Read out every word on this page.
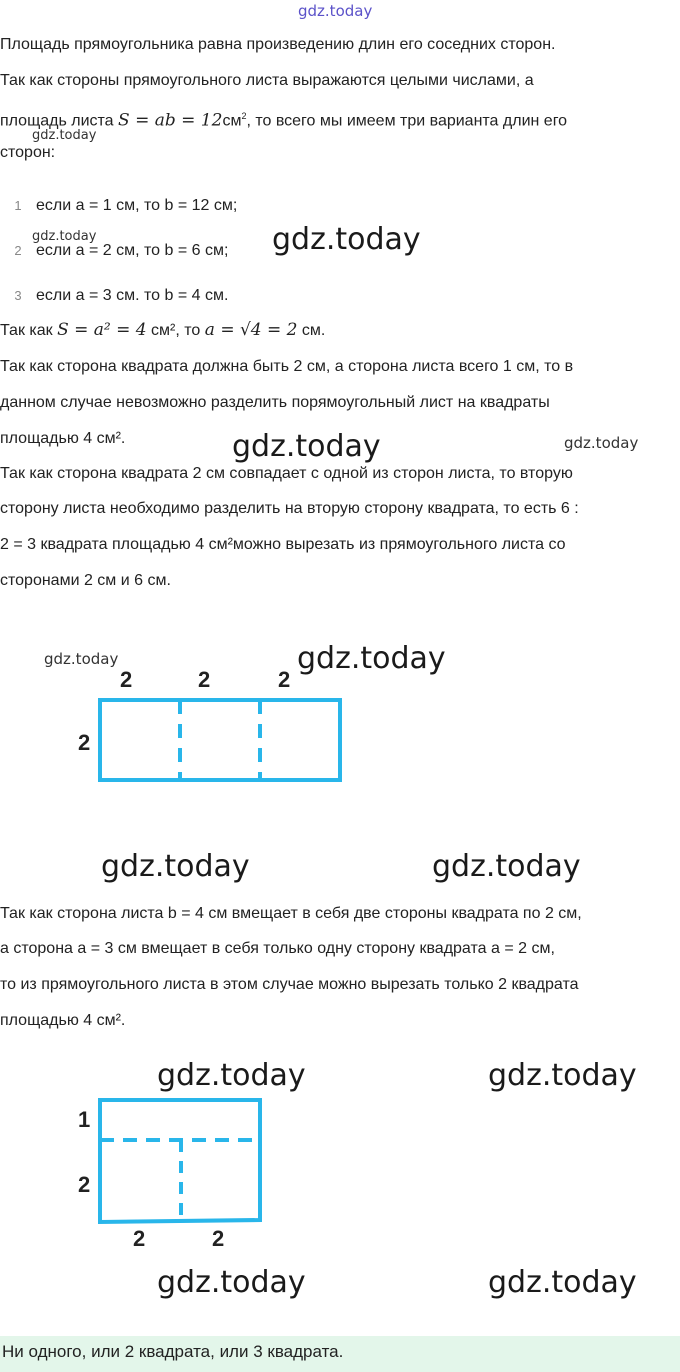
gdz.today
Площадь прямоугольника равна произведению длин его соседних сторон.
Так как стороны прямоугольного листа выражаются целыми числами, а
площадь листа S = ab = $12см^2$, то всего мы имеем три варианта длин его
сторон:
1 если a = 1 см, то b = 12 см;
2 если a = 2 см, то b = 6 см;
3 если a = 3 см. то b = 4 см.
Так как S = a² = 4 см², то a = √4 = 2 см.
Так как сторона квадрата должна быть 2 см, а сторона листа всего 1 см, то в
данном случае невозможно разделить порямоугольный лист на квадраты
площадью 4 см².
Так как сторона квадрата 2 см совпадает с одной из сторон листа, то вторую
сторону листа необходимо разделить на вторую сторону квадрата, то есть 6 :
2 = 3 квадрата площадью 4 см²можно вырезать из прямоугольного листа со
сторонами 2 см и 6 см.
2	2	2
2
Так как сторона листа b = 4 см вмещает в себя две стороны квадрата по 2 см,
а сторона a = 3 см вмещает в себя только одну сторону квадрата a = 2 см,
то из прямоугольного листа в этом случае можно вырезать только 2 квадрата
площадью 4 см².
1
2
2	2
Ни одного, или 2 квадрата, или 3 квадрата.
gdz.today
gdz.today	gdz.today
gdz.today	gdz.today
gdz.today	gdz.today
gdz.today	gdz.today
gdz.today	gdz.today
gdz.today	gdz.today
